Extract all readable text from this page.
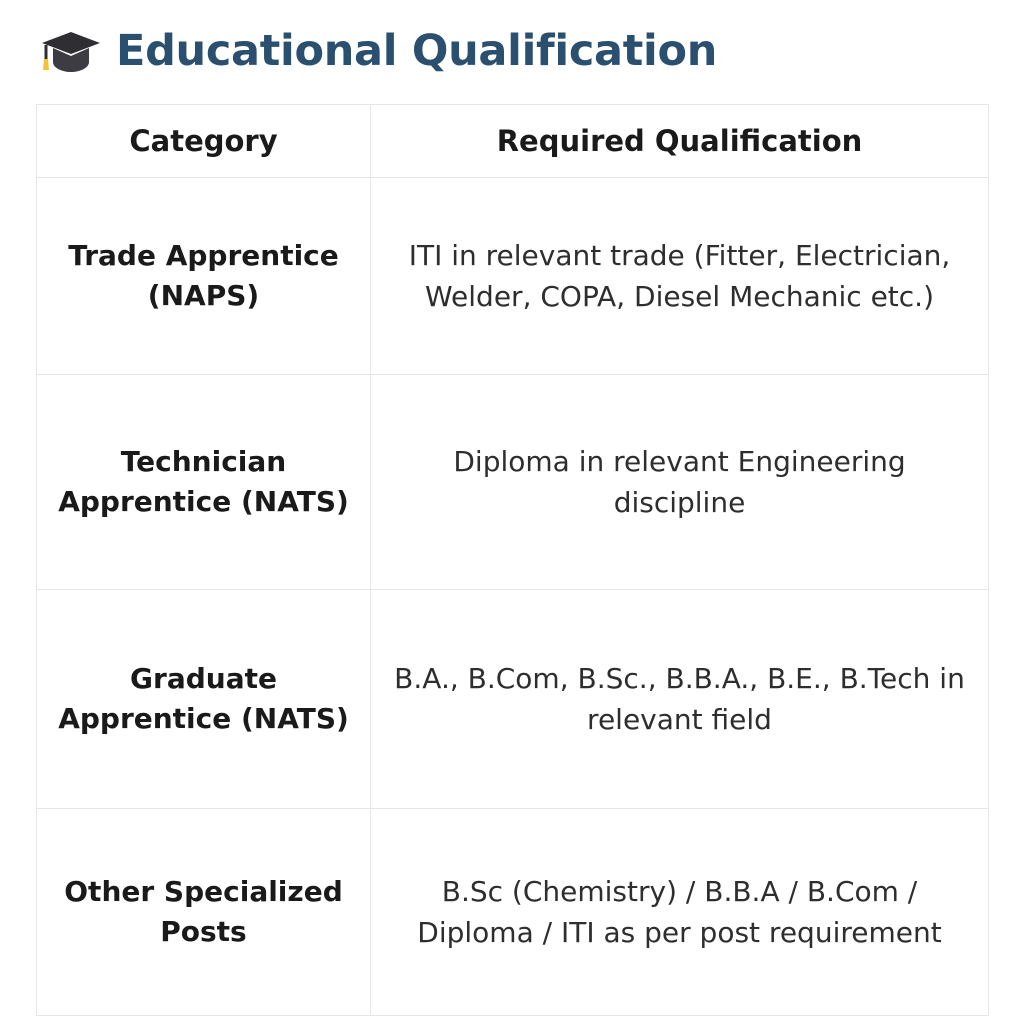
Educational Qualification
Category	Required Qualification
Trade Apprentice (NAPS)	ITI in relevant trade (Fitter, Electrician, Welder, COPA, Diesel Mechanic etc.)
Technician Apprentice (NATS)	Diploma in relevant Engineering discipline
Graduate Apprentice (NATS)	B.A., B.Com, B.Sc., B.B.A., B.E., B.Tech in relevant field
Other Specialized Posts	B.Sc (Chemistry) / B.B.A / B.Com / Diploma / ITI as per post requirement
